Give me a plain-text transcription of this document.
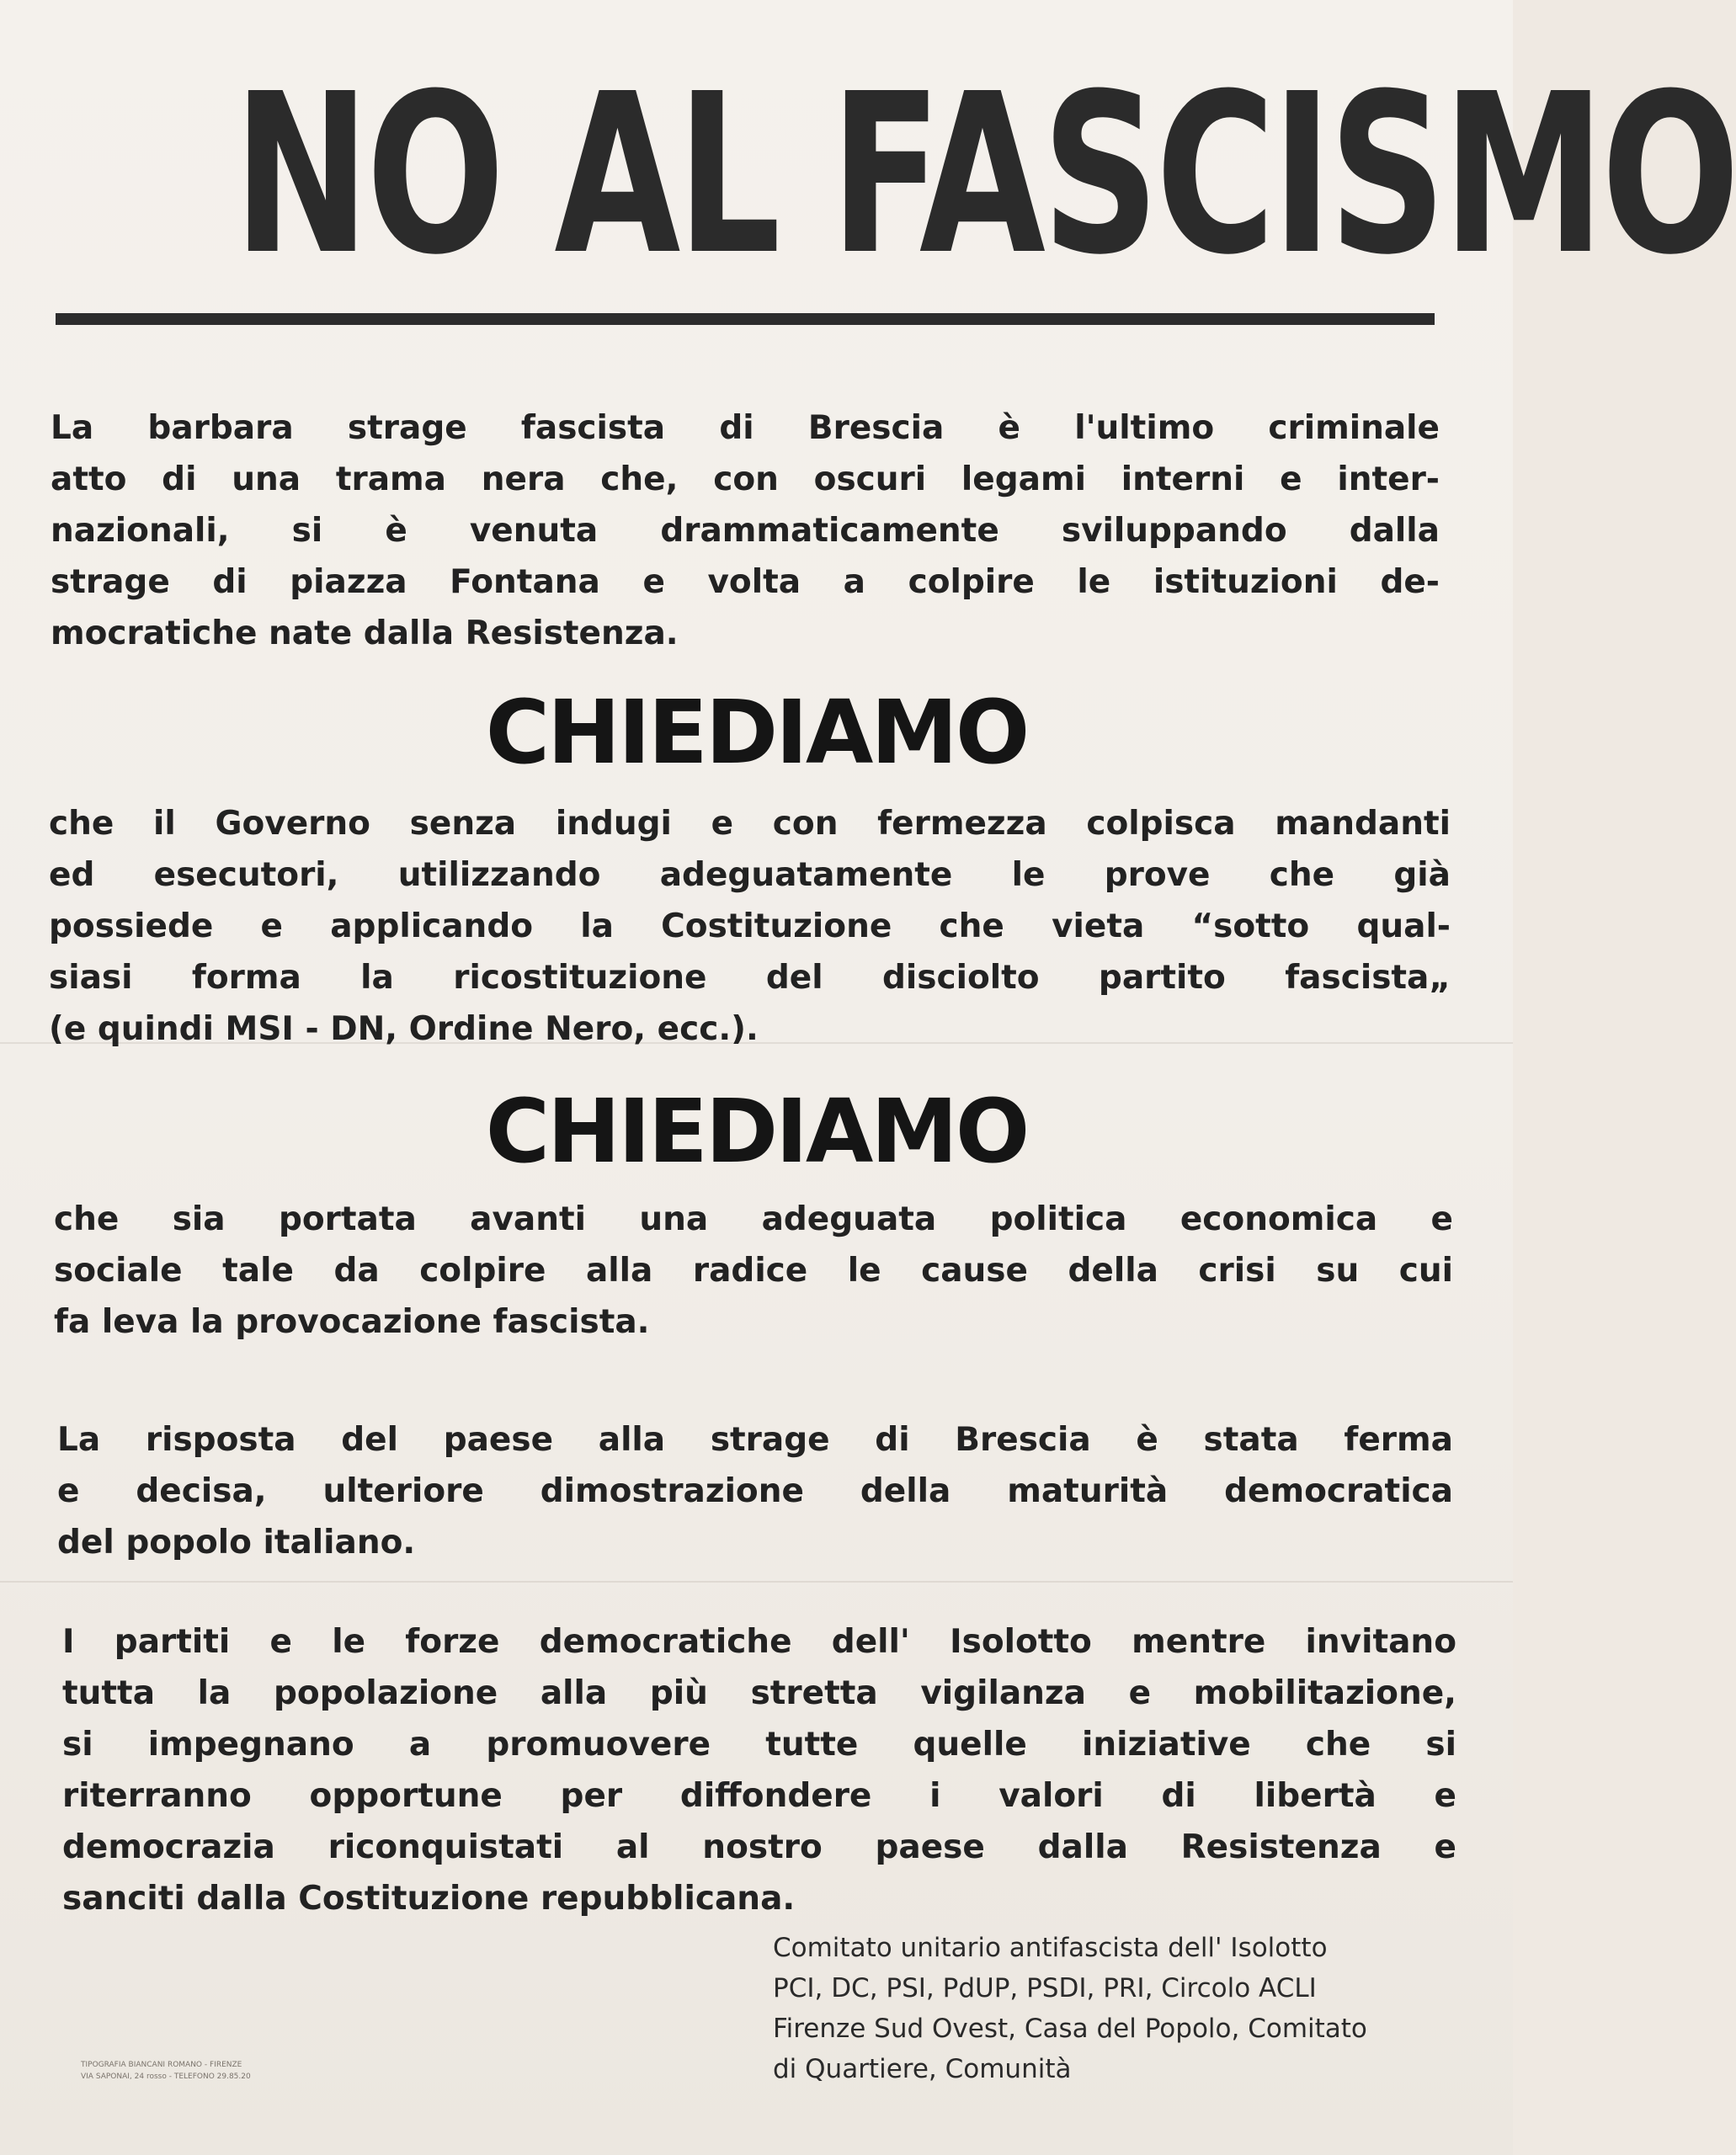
NO AL FASCISMO
La barbara strage fascista di Brescia è l'ultimo criminale
atto di una trama nera che, con oscuri legami interni e inter-
nazionali, si è venuta drammaticamente sviluppando dalla
strage di piazza Fontana e volta a colpire le istituzioni de-
mocratiche nate dalla Resistenza.
CHIEDIAMO
che il Governo senza indugi e con fermezza colpisca mandanti
ed esecutori, utilizzando adeguatamente le prove che già
possiede e applicando la Costituzione che vieta “sotto qual-
siasi forma la ricostituzione del disciolto partito fascista„
(e quindi MSI - DN, Ordine Nero, ecc.).
CHIEDIAMO
che sia portata avanti una adeguata politica economica e
sociale tale da colpire alla radice le cause della crisi su cui
fa leva la provocazione fascista.
La risposta del paese alla strage di Brescia è stata ferma
e decisa, ulteriore dimostrazione della maturità democratica
del popolo italiano.
I partiti e le forze democratiche dell' Isolotto mentre invitano
tutta la popolazione alla più stretta vigilanza e mobilitazione,
si impegnano a promuovere tutte quelle iniziative che si
riterranno opportune per diffondere i valori di libertà e
democrazia riconquistati al nostro paese dalla Resistenza e
sanciti dalla Costituzione repubblicana.
Comitato unitario antifascista dell' Isolotto
PCI, DC, PSI, PdUP, PSDI, PRI, Circolo ACLI
Firenze Sud Ovest, Casa del Popolo, Comitato
di Quartiere, Comunità
TIPOGRAFIA BIANCANI ROMANO - FIRENZE
VIA SAPONAI, 24 rosso - TELEFONO 29.85.20
